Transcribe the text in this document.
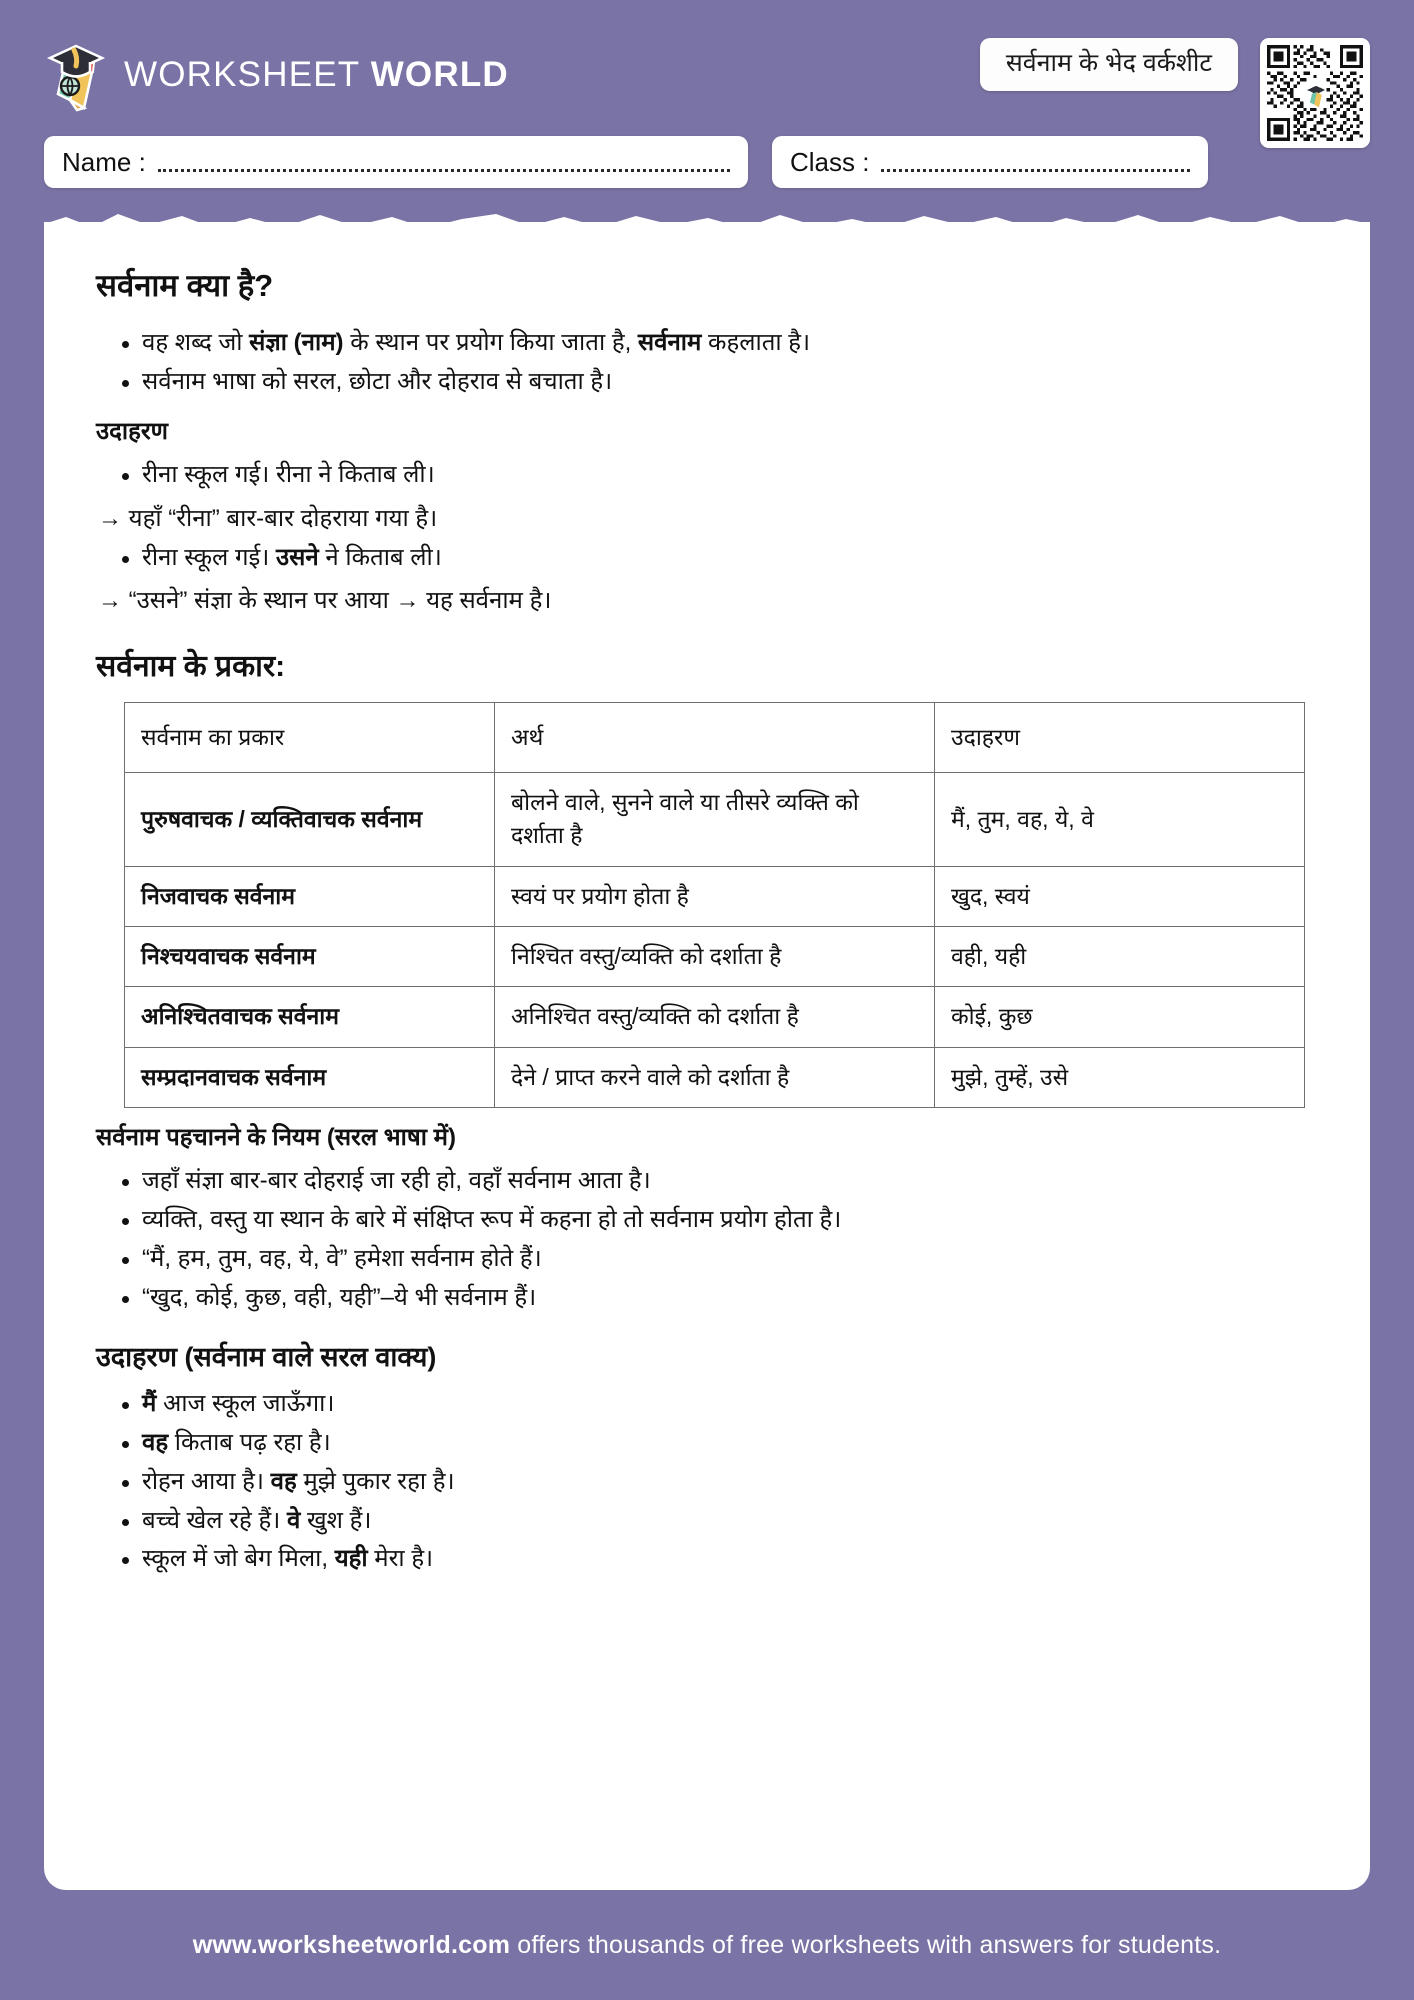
WORKSHEET WORLD	सर्वनाम के भेद वर्कशीट
Name :	Class :
सर्वनाम क्या है?
वह शब्द जो संज्ञा (नाम) के स्थान पर प्रयोग किया जाता है, सर्वनाम कहलाता है।
सर्वनाम भाषा को सरल, छोटा और दोहराव से बचाता है।
उदाहरण
रीना स्कूल गई। रीना ने किताब ली।
→ यहाँ “रीना” बार-बार दोहराया गया है।
रीना स्कूल गई। उसने ने किताब ली।
→ “उसने” संज्ञा के स्थान पर आया → यह सर्वनाम है।
सर्वनाम के प्रकार:
सर्वनाम का प्रकार	अर्थ	उदाहरण
पुरुषवाचक / व्यक्तिवाचक सर्वनाम	बोलने वाले, सुनने वाले या तीसरे व्यक्ति को दर्शाता है	मैं, तुम, वह, ये, वे
निजवाचक सर्वनाम	स्वयं पर प्रयोग होता है	खुद, स्वयं
निश्चयवाचक सर्वनाम	निश्चित वस्तु/व्यक्ति को दर्शाता है	वही, यही
अनिश्चितवाचक सर्वनाम	अनिश्चित वस्तु/व्यक्ति को दर्शाता है	कोई, कुछ
सम्प्रदानवाचक सर्वनाम	देने / प्राप्त करने वाले को दर्शाता है	मुझे, तुम्हें, उसे
सर्वनाम पहचानने के नियम (सरल भाषा में)
जहाँ संज्ञा बार-बार दोहराई जा रही हो, वहाँ सर्वनाम आता है।
व्यक्ति, वस्तु या स्थान के बारे में संक्षिप्त रूप में कहना हो तो सर्वनाम प्रयोग होता है।
“मैं, हम, तुम, वह, ये, वे” हमेशा सर्वनाम होते हैं।
“खुद, कोई, कुछ, वही, यही”–ये भी सर्वनाम हैं।
उदाहरण (सर्वनाम वाले सरल वाक्य)
मैं आज स्कूल जाऊँगा।
वह किताब पढ़ रहा है।
रोहन आया है। वह मुझे पुकार रहा है।
बच्चे खेल रहे हैं। वे खुश हैं।
स्कूल में जो बेग मिला, यही मेरा है।
www.worksheetworld.com offers thousands of free worksheets with answers for students.
